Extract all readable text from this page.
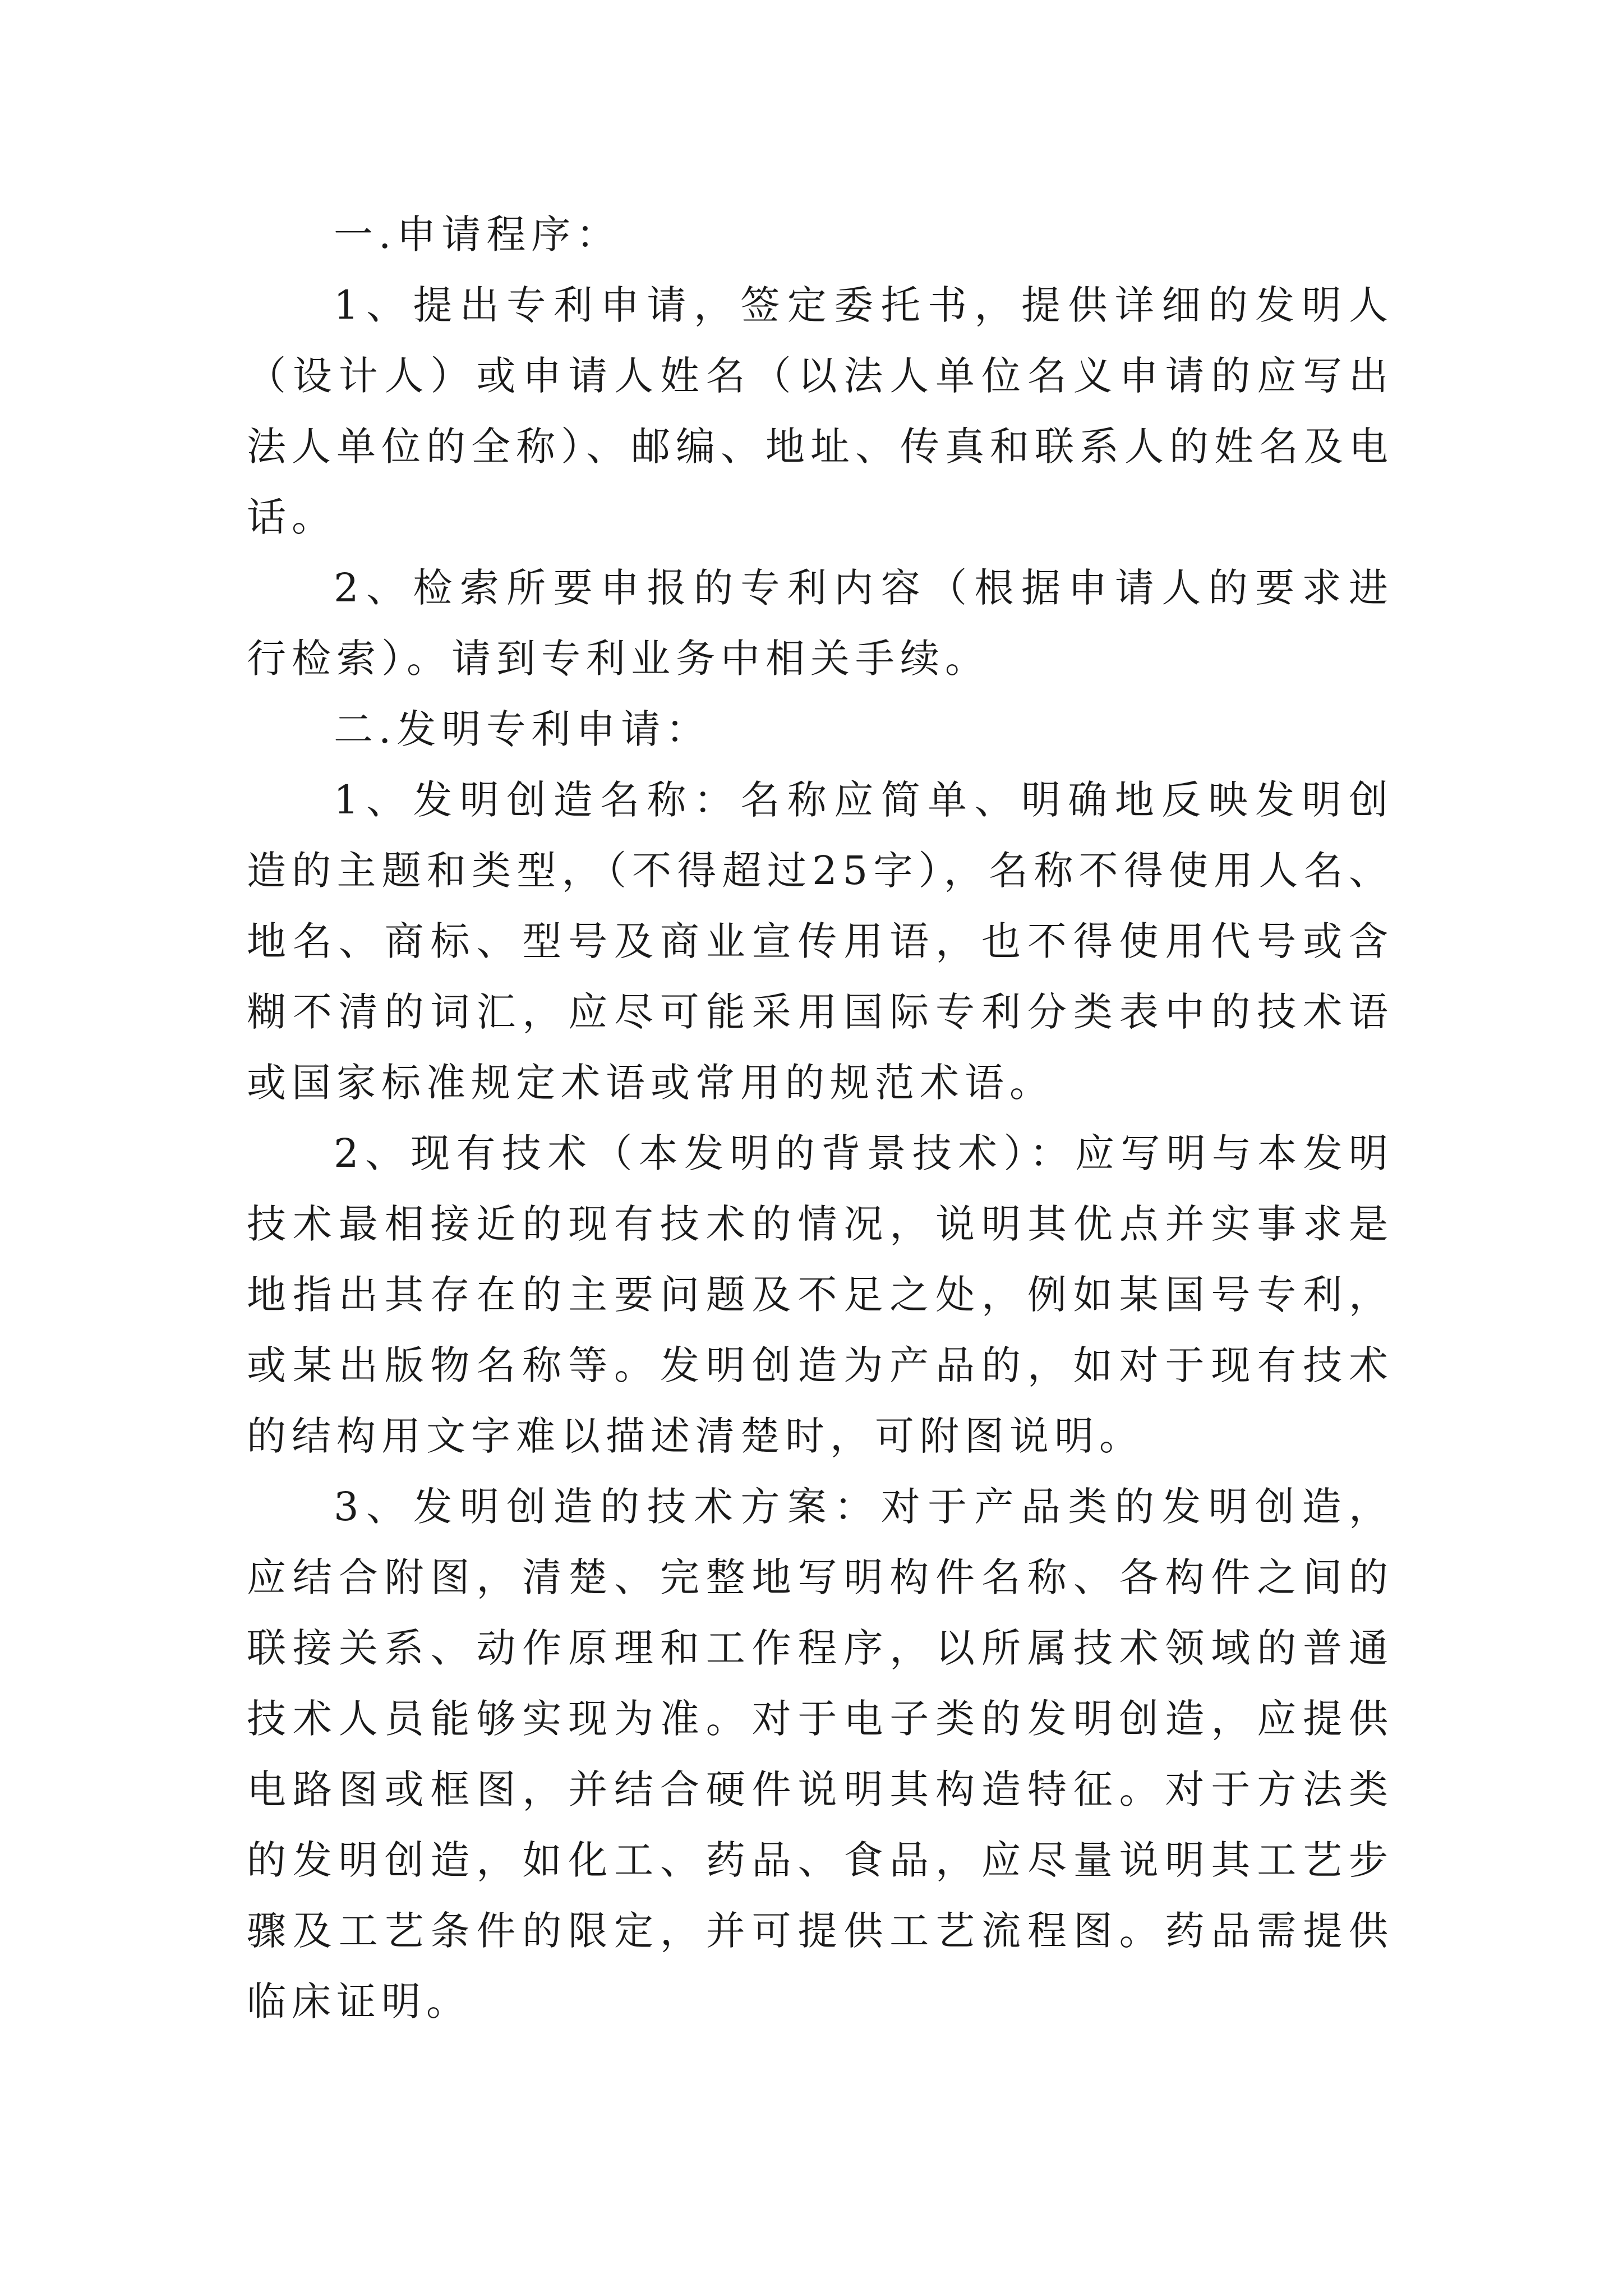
一.申请程序：

1、提出专利申请，签定委托书，提供详细的发明人（设计人）或申请人姓名（以法人单位名义申请的应写出法人单位的全称）、邮编、地址、传真和联系人的姓名及电话。

2、检索所要申报的专利内容（根据申请人的要求进行检索）。请到专利业务中相关手续。

二.发明专利申请：

1、发明创造名称：名称应简单、明确地反映发明创造的主题和类型，（不得超过25字），名称不得使用人名、地名、商标、型号及商业宣传用语，也不得使用代号或含糊不清的词汇，应尽可能采用国际专利分类表中的技术语或国家标准规定术语或常用的规范术语。

2、现有技术（本发明的背景技术）：应写明与本发明技术最相接近的现有技术的情况，说明其优点并实事求是地指出其存在的主要问题及不足之处，例如某国号专利，或某出版物名称等。发明创造为产品的，如对于现有技术的结构用文字难以描述清楚时，可附图说明。

3、发明创造的技术方案：对于产品类的发明创造，应结合附图，清楚、完整地写明构件名称、各构件之间的联接关系、动作原理和工作程序，以所属技术领域的普通技术人员能够实现为准。对于电子类的发明创造，应提供电路图或框图，并结合硬件说明其构造特征。对于方法类的发明创造，如化工、药品、食品，应尽量说明其工艺步骤及工艺条件的限定，并可提供工艺流程图。药品需提供临床证明。
